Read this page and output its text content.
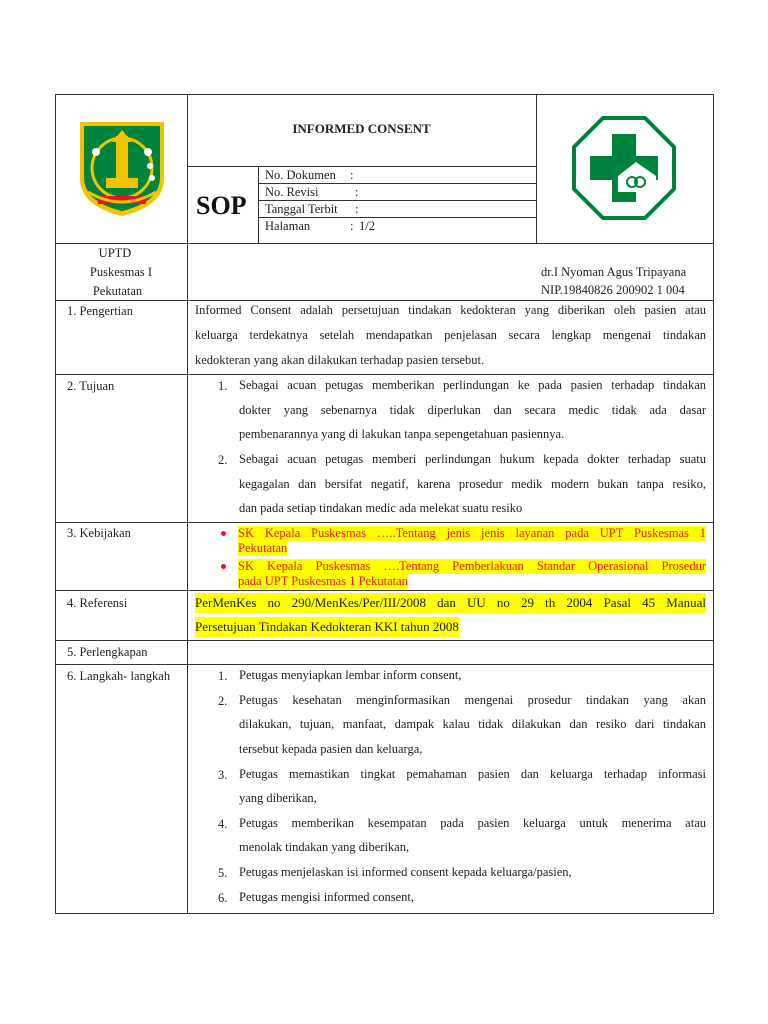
INFORMED CONSENT
SOP
No. Dokumen :
No. Revisi	:
Tanggal Terbit :
Halaman	: 1/2
UPTD
Puskesmas I
Pekutatan
dr.I Nyoman Agus Tripayana
NIP.19840826 200902 1 004
1. Pengertian
2. Tujuan
3. Kebijakan
4. Referensi
5. Perlengkapan
6. Langkah- langkah
Informed Consent adalah persetujuan tindakan kedokteran yang diberikan oleh pasien atau
keluarga terdekatnya setelah mendapatkan penjelasan secara lengkap mengenai tindakan
kedokteran yang akan dilakukan terhadap pasien tersebut.
1. Sebagai acuan petugas memberikan perlindungan ke pada pasien terhadap tindakan
dokter yang sebenarnya tidak diperlukan dan secara medic tidak ada dasar
pembenarannya yang di lakukan tanpa sepengetahuan pasiennya.
2. Sebagai acuan petugas memberi perlindungan hukum kepada dokter terhadap suatu
kegagalan dan bersifat negatif, karena prosedur medik modern bukan tanpa resiko,
dan pada setiap tindakan medic ada melekat suatu resiko
SK Kepala Puskesmas …..Tentang jenis jenis layanan pada UPT Puskesmas 1
Pekutatan
SK Kepala Puskesmas ….Tentang Pemberlakuan Standar Operasional Prosedur
pada UPT Puskesmas 1 Pekutatan
PerMenKes no 290/MenKes/Per/III/2008 dan UU no 29 th 2004 Pasal 45 Manual
Persetujuan Tindakan Kedokteran KKI tahun 2008
1. Petugas menyiapkan lembar inform consent,
2. Petugas kesehatan menginformasikan mengenai prosedur tindakan yang akan
dilakukan, tujuan, manfaat, dampak kalau tidak dilakukan dan resiko dari tindakan
tersebut kepada pasien dan keluarga,
3. Petugas memastikan tingkat pemahaman pasien dan keluarga terhadap informasi
yang diberikan,
4. Petugas memberikan kesempatan pada pasien keluarga untuk menerima atau
menolak tindakan yang diberikan,
5. Petugas menjelaskan isi informed consent kepada keluarga/pasien,
6. Petugas mengisi informed consent,
